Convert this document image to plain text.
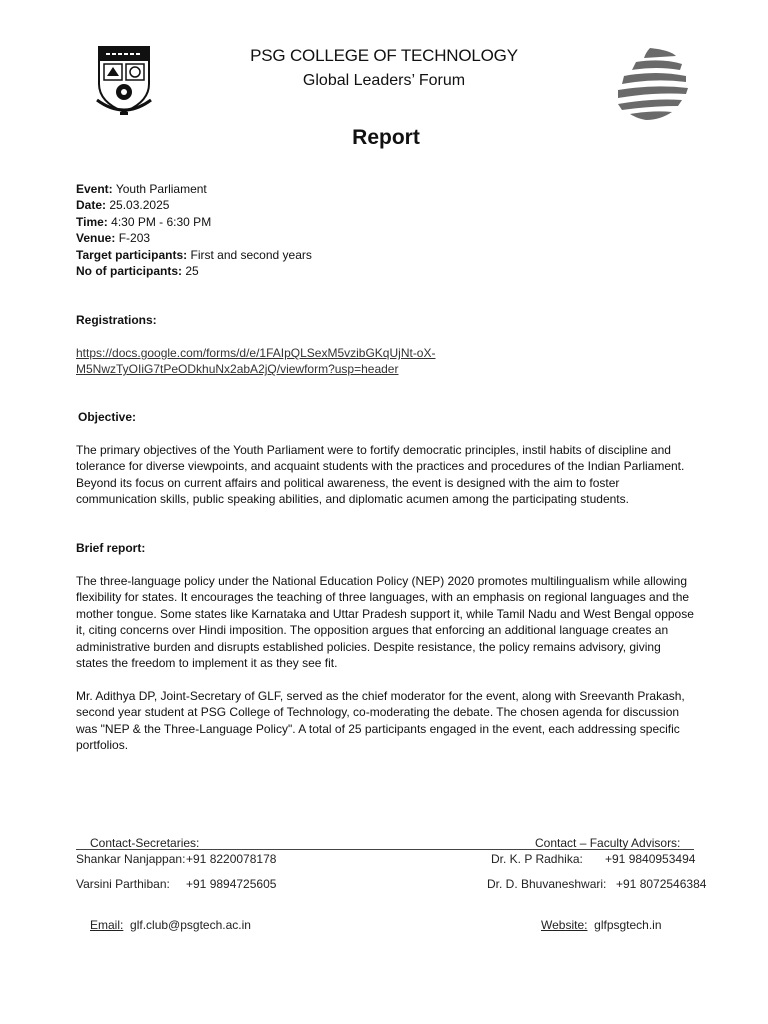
PSG COLLEGE OF TECHNOLOGY
Global Leaders’ Forum
Report
Event: Youth Parliament
Date: 25.03.2025
Time: 4:30 PM - 6:30 PM
Venue: F-203
Target participants: First and second years
No of participants: 25
Registrations:
https://docs.google.com/forms/d/e/1FAIpQLSexM5vzibGKqUjNt-oX-
M5NwzTyOIiG7tPeODkhuNx2abA2jQ/viewform?usp=header
Objective:
The primary objectives of the Youth Parliament were to fortify democratic principles, instil habits of discipline and tolerance for diverse viewpoints, and acquaint students with the practices and procedures of the Indian Parliament. Beyond its focus on current affairs and political awareness, the event is designed with the aim to foster communication skills, public speaking abilities, and diplomatic acumen among the participating students.
Brief report:
The three-language policy under the National Education Policy (NEP) 2020 promotes multilingualism while allowing flexibility for states. It encourages the teaching of three languages, with an emphasis on regional languages and the mother tongue. Some states like Karnataka and Uttar Pradesh support it, while Tamil Nadu and West Bengal oppose it, citing concerns over Hindi imposition. The opposition argues that enforcing an additional language creates an administrative burden and disrupts established policies. Despite resistance, the policy remains advisory, giving states the freedom to implement it as they see fit.
Mr. Adithya DP, Joint-Secretary of GLF, served as the chief moderator for the event, along with Sreevanth Prakash, second year student at PSG College of Technology, co-moderating the debate. The chosen agenda for discussion was "NEP & the Three-Language Policy". A total of 25 participants engaged in the event, each addressing specific portfolios.
Contact-Secretaries:	Contact – Faculty Advisors:
Shankar Nanjappan: +91 8220078178
Varsini Parthiban: +91 9894725605
Dr. K. P Radhika: +91 9840953494
Dr. D. Bhuvaneshwari: +91 8072546384
Email: glf.club@psgtech.ac.in	Website: glfpsgtech.in
